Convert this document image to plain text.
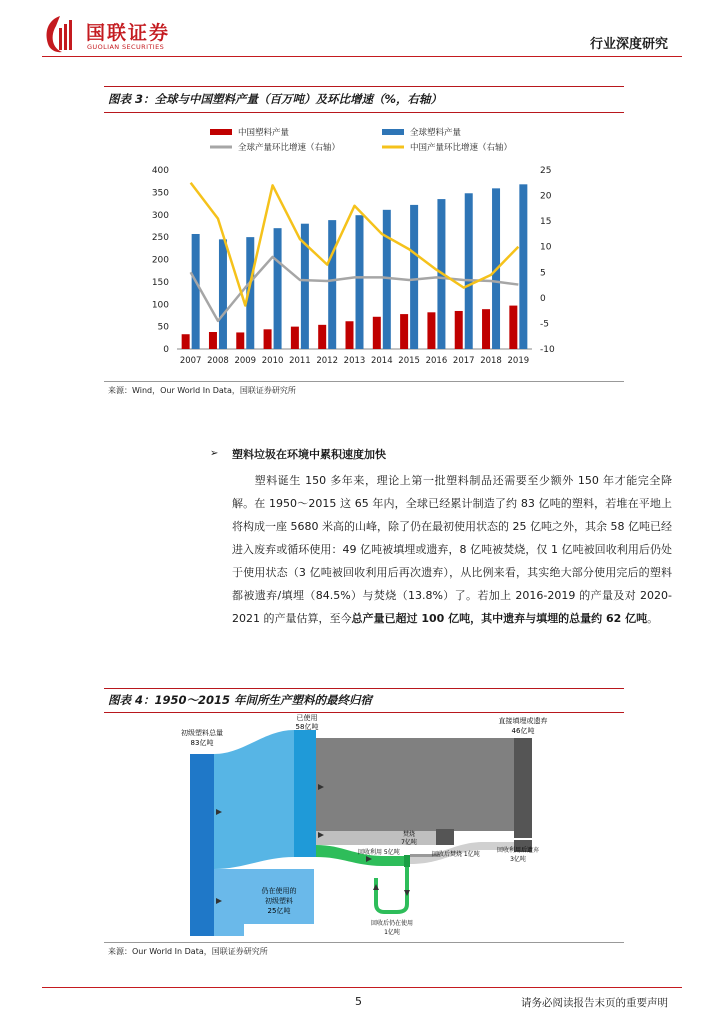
国联证券
GUOLIAN SECURITIES	行业深度研究
图表 3：全球与中国塑料产量（百万吨）及环比增速（%，右轴）
中国塑料产量	全球塑料产量
全球产量环比增速（右轴）	中国产量环比增速（右轴）
0
50
100
150
200
250
300
350
400
-10
-5
0
5
10
15
20
25
2007 2008 2009 2010 2011 2012 2013 2014 2015 2016 2017 2018 2019
来源：Wind，Our World In Data，国联证券研究所
➢ 塑料垃圾在环境中累积速度加快
  塑料诞生 150 多年来，理论上第一批塑料制品还需要至少额外 150 年才能完全降解。在 1950～2015 这 65 年内，全球已经累计制造了约 83 亿吨的塑料，若堆在平地上将构成一座 5680 米高的山峰，除了仍在最初使用状态的 25 亿吨之外，其余 58 亿吨已经进入废弃或循环使用：49 亿吨被填埋或遗弃，8 亿吨被焚烧，仅 1 亿吨被回收利用后仍处于使用状态（3 亿吨被回收利用后再次遗弃），从比例来看，其实绝大部分使用完后的塑料都被遗弃/填埋（84.5%）与焚烧（13.8%）了。若加上 2016-2019 的产量及对 2020-2021 的产量估算，至今总产量已超过 100 亿吨，其中遗弃与填埋的总量约 62 亿吨。
图表 4：1950～2015 年间所生产塑料的最终归宿
初级塑料总量
83亿吨
已使用
58亿吨
直接填埋或遗弃
46亿吨
焚烧
7亿吨
回收利用 5亿吨	回收后焚烧 1亿吨
回收利用后遗弃
3亿吨
仍在使用的
初级塑料
25亿吨
回收后仍在使用
1亿吨
来源：Our World In Data，国联证券研究所
5	请务必阅读报告末页的重要声明
